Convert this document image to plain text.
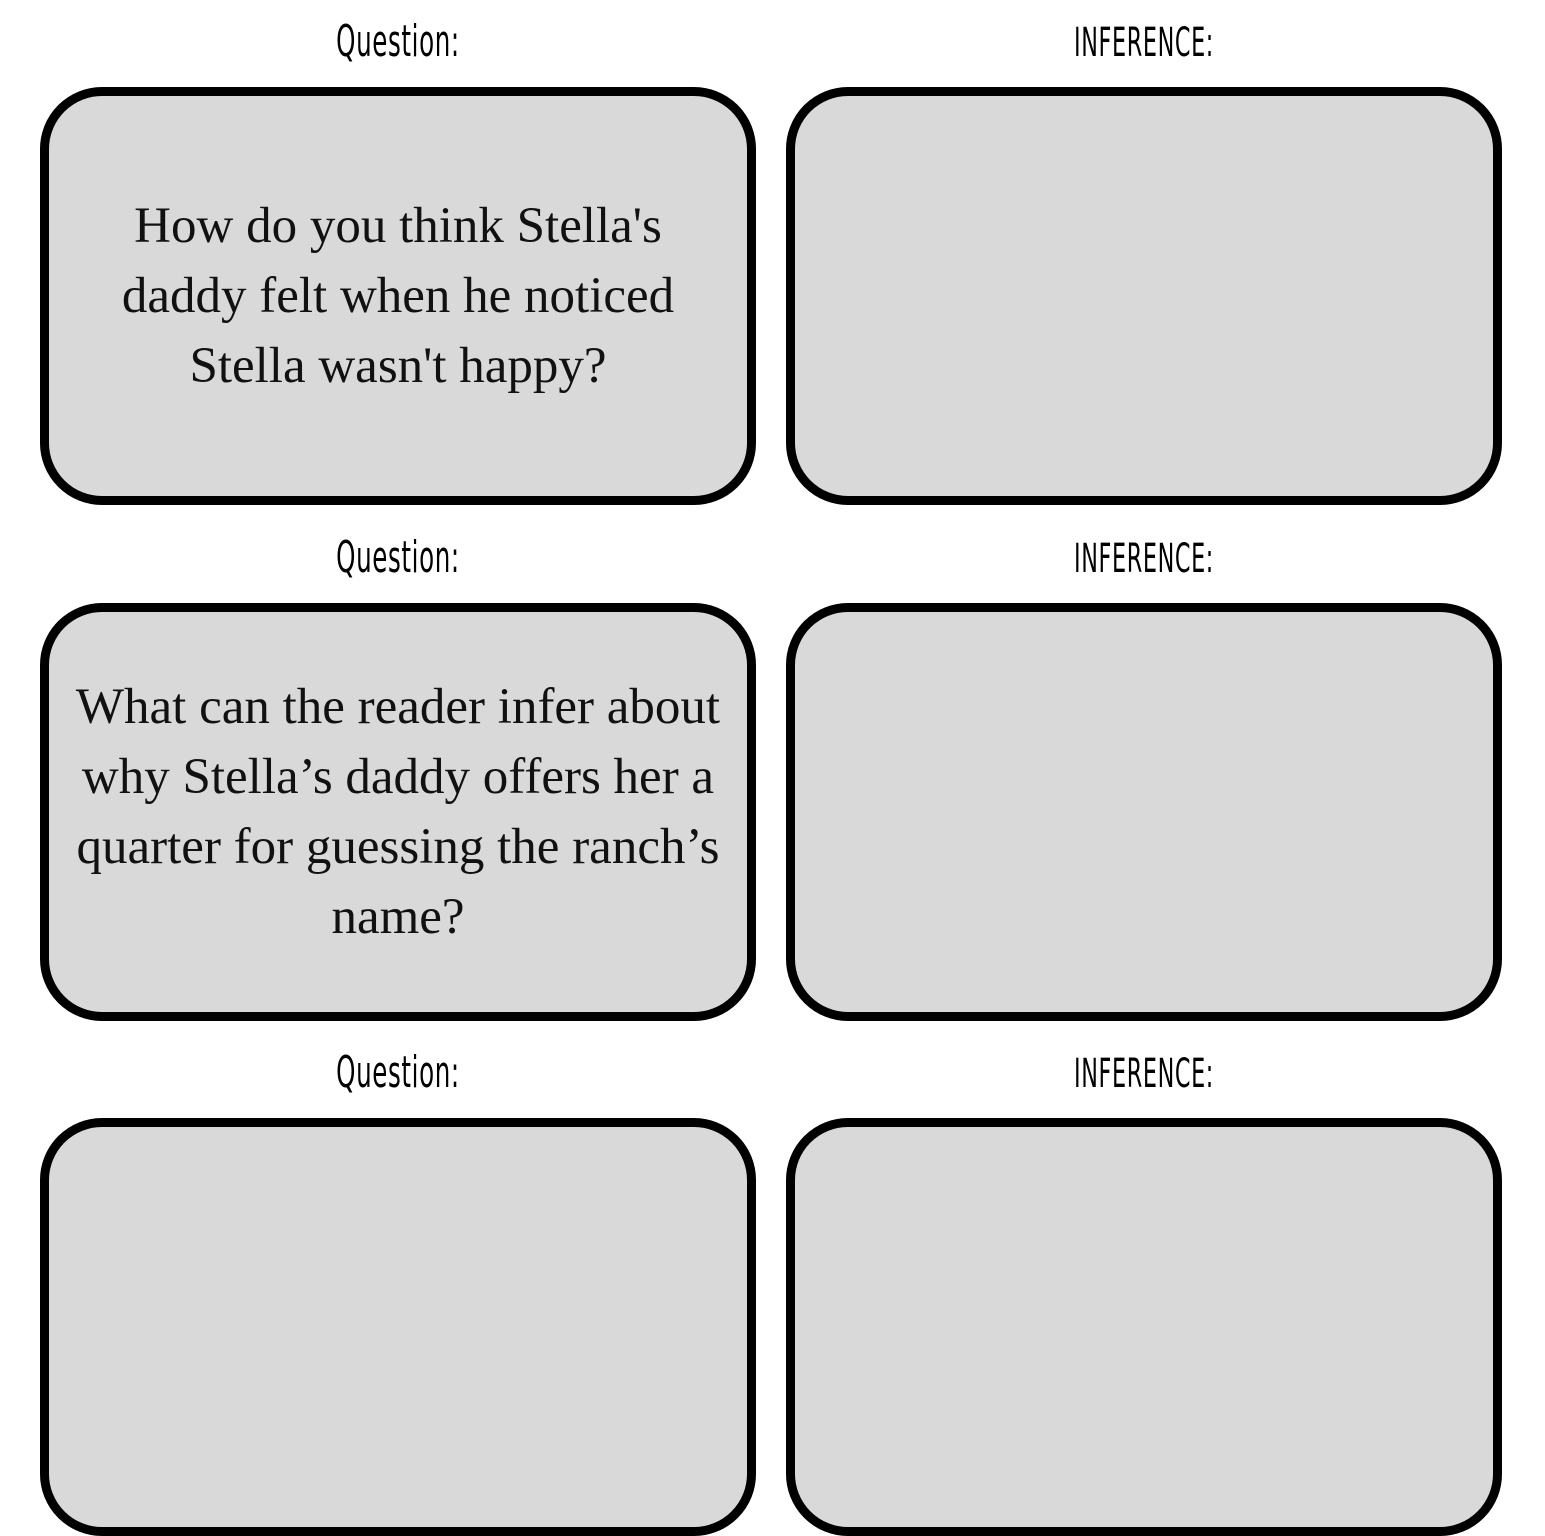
Question:	INFERENCE:

How do you think Stella's daddy felt when he noticed Stella wasn't happy?

Question:	INFERENCE:

What can the reader infer about why Stella’s daddy offers her a quarter for guessing the ranch’s name?

Question:	INFERENCE:
